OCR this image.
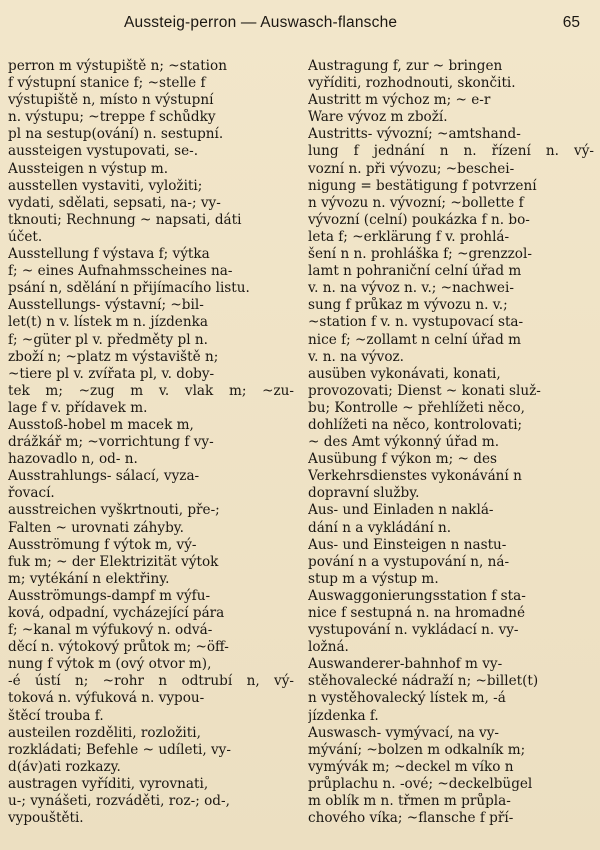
Aussteig-perron — Auswasch-flansche	65
perron m výstupiště n; ~station
f výstupní stanice f; ~stelle f
výstupiště n, místo n výstupní
n. výstupu; ~treppe f schůdky
pl na sestup(ování) n. sestupní.
aussteigen vystupovati, se-.
Aussteigen n výstup m.
ausstellen vystaviti, vyložiti;
vydati, sdělati, sepsati, na-; vy-
tknouti; Rechnung ~ napsati, dáti
účet.
Ausstellung f výstava f; výtka
f; ~ eines Aufnahmsscheines na-
psání n, sdělání n přijímacího listu.
Ausstellungs- výstavní; ~bil-
let(t) n v. lístek m n. jízdenka
f; ~güter pl v. předměty pl n.
zboží n; ~platz m výstaviště n;
~tiere pl v. zvířata pl, v. doby-
tek m; ~zug m v. vlak m; ~zu-
lage f v. přídavek m.
Ausstoß-hobel m macek m,
drážkář m; ~vorrichtung f vy-
hazovadlo n, od- n.
Ausstrahlungs- sálací, vyza-
řovací.
ausstreichen vyškrtnouti, pře-;
Falten ~ urovnati záhyby.
Ausströmung f výtok m, vý-
fuk m; ~ der Elektrizität výtok
m; vytékání n elektřiny.
Ausströmungs-dampf m výfu-
ková, odpadní, vycházející pára
f; ~kanal m výfukový n. odvá-
děcí n. výtokový průtok m; ~öff-
nung f výtok m (ový otvor m),
-é ústí n; ~rohr n odtrubí n, vý-
toková n. výfuková n. vypou-
štěcí trouba f.
austeilen rozděliti, rozložiti,
rozkládati; Befehle ~ udíleti, vy-
d(áv)ati rozkazy.
austragen vyříditi, vyrovnati,
u-; vynášeti, rozváděti, roz-; od-,
vypouštěti.
Austragung f, zur ~ bringen
vyříditi, rozhodnouti, skončiti.
Austritt m výchoz m; ~ e-r
Ware vývoz m zboží.
Austritts- vývozní; ~amtshand-
lung f jednání n n. řízení n. vý-
vozní n. při vývozu; ~beschei-
nigung = bestätigung f potvrzení
n vývozu n. vývozní; ~bollette f
vývozní (celní) poukázka f n. bo-
leta f; ~erklärung f v. prohlá-
šení n n. prohláška f; ~grenzzol-
lamt n pohraniční celní úřad m
v. n. na vývoz n. v.; ~nachwei-
sung f průkaz m vývozu n. v.;
~station f v. n. vystupovací sta-
nice f; ~zollamt n celní úřad m
v. n. na vývoz.
ausüben vykonávati, konati,
provozovati; Dienst ~ konati služ-
bu; Kontrolle ~ přehlížeti něco,
dohlížeti na něco, kontrolovati;
~ des Amt výkonný úřad m.
Ausübung f výkon m; ~ des
Verkehrsdienstes vykonávání n
dopravní služby.
Aus- und Einladen n naklá-
dání n a vykládání n.
Aus- und Einsteigen n nastu-
pování n a vystupování n, ná-
stup m a výstup m.
Auswaggonierungsstation f sta-
nice f sestupná n. na hromadné
vystupování n. vykládací n. vy-
ložná.
Auswanderer-bahnhof m vy-
stěhovalecké nádraží n; ~billet(t)
n vystěhovalecký lístek m, -á
jízdenka f.
Auswasch- vymývací, na vy-
mývání; ~bolzen m odkalník m;
vymývák m; ~deckel m víko n
průplachu n. -ové; ~deckelbügel
m oblík m n. třmen m průpla-
chového víka; ~flansche f pří-
